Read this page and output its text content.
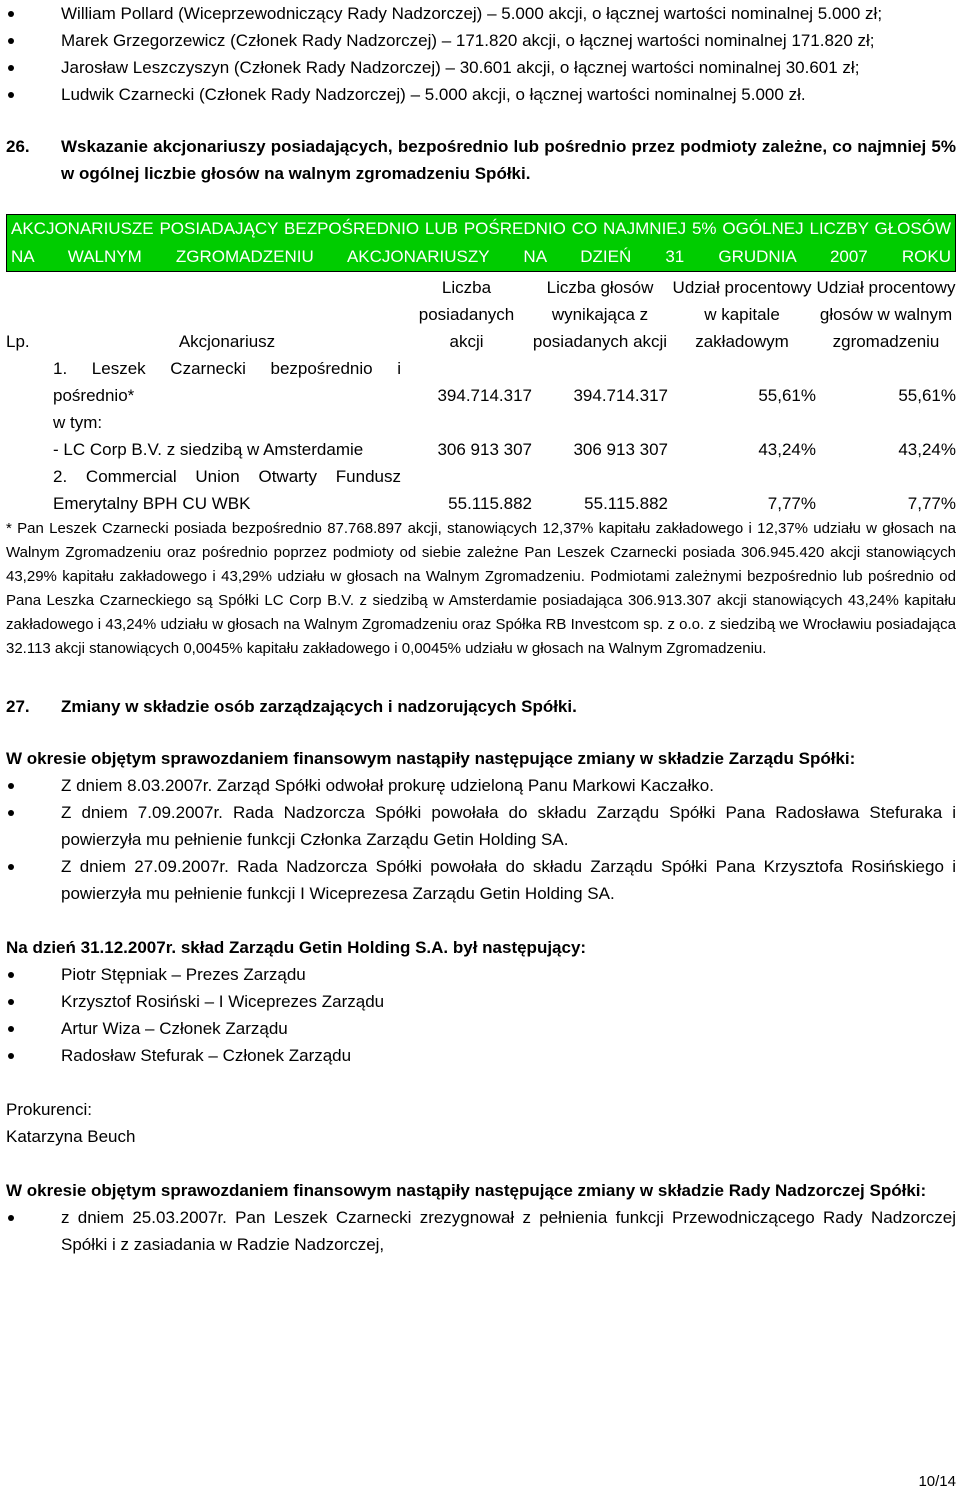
William Pollard (Wiceprzewodniczący Rady Nadzorczej) – 5.000 akcji, o łącznej wartości nominalnej 5.000 zł;
Marek Grzegorzewicz (Członek Rady Nadzorczej) – 171.820 akcji, o łącznej wartości nominalnej 171.820 zł;
Jarosław Leszczyszyn (Członek Rady Nadzorczej) – 30.601 akcji, o łącznej wartości nominalnej 30.601 zł;
Ludwik Czarnecki (Członek Rady Nadzorczej) – 5.000 akcji, o łącznej wartości nominalnej 5.000 zł.
26. Wskazanie akcjonariuszy posiadających, bezpośrednio lub pośrednio przez podmioty zależne, co najmniej 5% w ogólnej liczbie głosów na walnym zgromadzeniu Spółki.
AKCJONARIUSZE POSIADAJĄCY BEZPOŚREDNIO LUB POŚREDNIO CO NAJMNIEJ 5% OGÓLNEJ LICZBY GŁOSÓW NA WALNYM ZGROMADZENIU AKCJONARIUSZY NA DZIEŃ 31 GRUDNIA 2007 ROKU
Lp.	Akcjonariusz	Liczba posiadanych akcji	Liczba głosów wynikająca z posiadanych akcji	Udział procentowy w kapitale zakładowym	Udział procentowy głosów w walnym zgromadzeniu
	1. Leszek Czarnecki bezpośrednio i pośrednio*	394.714.317	394.714.317	55,61%	55,61%
	w tym:				
	- LC Corp B.V. z siedzibą w Amsterdamie	306 913 307	306 913 307	43,24%	43,24%
	2. Commercial Union Otwarty Fundusz Emerytalny BPH CU WBK	55.115.882	55.115.882	7,77%	7,77%
* Pan Leszek Czarnecki posiada bezpośrednio 87.768.897 akcji, stanowiących 12,37% kapitału zakładowego i 12,37% udziału w głosach na Walnym Zgromadzeniu oraz pośrednio poprzez podmioty od siebie zależne Pan Leszek Czarnecki posiada 306.945.420 akcji stanowiących 43,29% kapitału zakładowego i 43,29% udziału w głosach na Walnym Zgromadzeniu. Podmiotami zależnymi bezpośrednio lub pośrednio od Pana Leszka Czarneckiego są Spółki LC Corp B.V. z siedzibą w Amsterdamie posiadająca 306.913.307 akcji stanowiących 43,24% kapitału zakładowego i 43,24% udziału w głosach na Walnym Zgromadzeniu oraz Spółka RB Investcom sp. z o.o. z siedzibą we Wrocławiu posiadająca 32.113 akcji stanowiących 0,0045% kapitału zakładowego i 0,0045% udziału w głosach na Walnym Zgromadzeniu.
27. Zmiany w składzie osób zarządzających i nadzorujących Spółki.
W okresie objętym sprawozdaniem finansowym nastąpiły następujące zmiany w składzie Zarządu Spółki:
Z dniem 8.03.2007r. Zarząd Spółki odwołał prokurę udzieloną Panu Markowi Kaczałko.
Z dniem 7.09.2007r. Rada Nadzorcza Spółki powołała do składu Zarządu Spółki Pana Radosława Stefuraka i powierzyła mu pełnienie funkcji Członka Zarządu Getin Holding SA.
Z dniem 27.09.2007r. Rada Nadzorcza Spółki powołała do składu Zarządu Spółki Pana Krzysztofa Rosińskiego i powierzyła mu pełnienie funkcji I Wiceprezesa Zarządu Getin Holding SA.
Na dzień 31.12.2007r. skład Zarządu Getin Holding S.A. był następujący:
Piotr Stępniak – Prezes Zarządu
Krzysztof Rosiński – I Wiceprezes Zarządu
Artur Wiza – Członek Zarządu
Radosław Stefurak – Członek Zarządu
Prokurenci:
Katarzyna Beuch
W okresie objętym sprawozdaniem finansowym nastąpiły następujące zmiany w składzie Rady Nadzorczej Spółki:
z dniem 25.03.2007r. Pan Leszek Czarnecki zrezygnował z pełnienia funkcji Przewodniczącego Rady Nadzorczej Spółki i z zasiadania w Radzie Nadzorczej,
10/14
